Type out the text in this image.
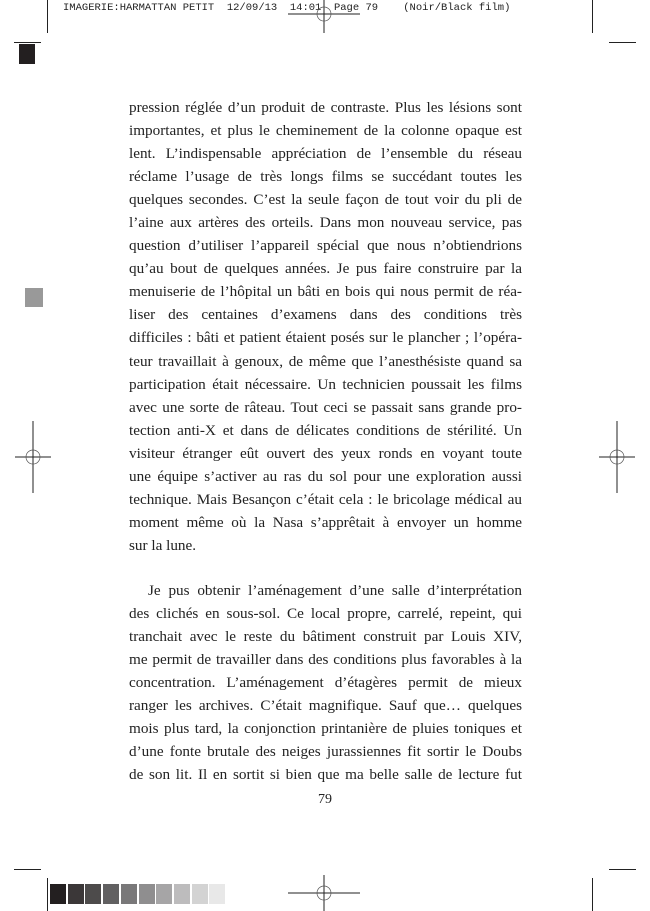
IMAGERIE:HARMATTAN PETIT  12/09/13  14:01  Page 79    (Noir/Black film)
pression réglée d’un produit de contraste. Plus les lésions sont
importantes, et plus le cheminement de la colonne opaque est
lent. L’indispensable appréciation de l’ensemble du réseau
réclame l’usage de très longs films se succédant toutes les
quelques secondes. C’est la seule façon de tout voir du pli de
l’aine aux artères des orteils. Dans mon nouveau service, pas
question d’utiliser l’appareil spécial que nous n’obtiendrions
qu’au bout de quelques années. Je pus faire construire par la
menuiserie de l’hôpital un bâti en bois qui nous permit de réa-
liser des centaines d’examens dans des conditions très
difficiles : bâti et patient étaient posés sur le plancher ; l’opéra-
teur travaillait à genoux, de même que l’anesthésiste quand sa
participation était nécessaire. Un technicien poussait les films
avec une sorte de râteau. Tout ceci se passait sans grande pro-
tection anti-X et dans de délicates conditions de stérilité. Un
visiteur étranger eût ouvert des yeux ronds en voyant toute
une équipe s’activer au ras du sol pour une exploration aussi
technique. Mais Besançon c’était cela : le bricolage médical au
moment même où la Nasa s’apprêtait à envoyer un homme
sur la lune.
Je pus obtenir l’aménagement d’une salle d’interprétation
des clichés en sous-sol. Ce local propre, carrelé, repeint, qui
tranchait avec le reste du bâtiment construit par Louis XIV,
me permit de travailler dans des conditions plus favorables à la
concentration. L’aménagement d’étagères permit de mieux
ranger les archives. C’était magnifique. Sauf que… quelques
mois plus tard, la conjonction printanière de pluies toniques et
d’une fonte brutale des neiges jurassiennes fit sortir le Doubs
de son lit. Il en sortit si bien que ma belle salle de lecture fut
79
